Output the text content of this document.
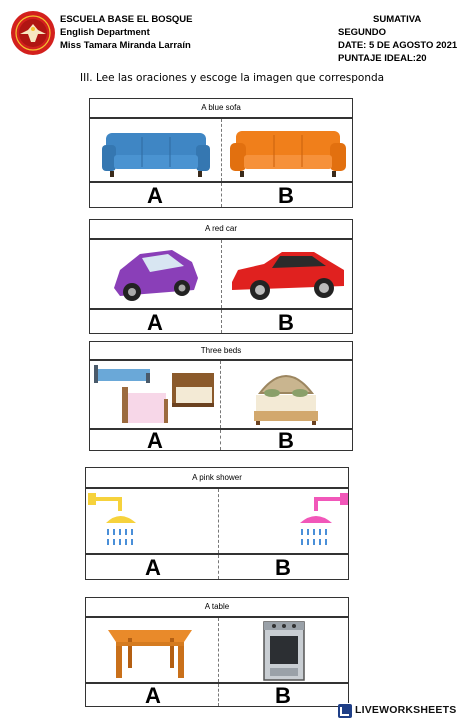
ESCUELA BASE EL BOSQUE
English Department
Miss Tamara Miranda Larraín
SUMATIVA
SEGUNDO
DATE: 5 DE AGOSTO 2021
PUNTAJE IDEAL:20
III. Lee las oraciones y escoge la imagen que corresponda
A blue sofa
A	B
A red car
A	B
Three beds
A	B
A pink shower
A	B
A table
A	B
LIVEWORKSHEETS
